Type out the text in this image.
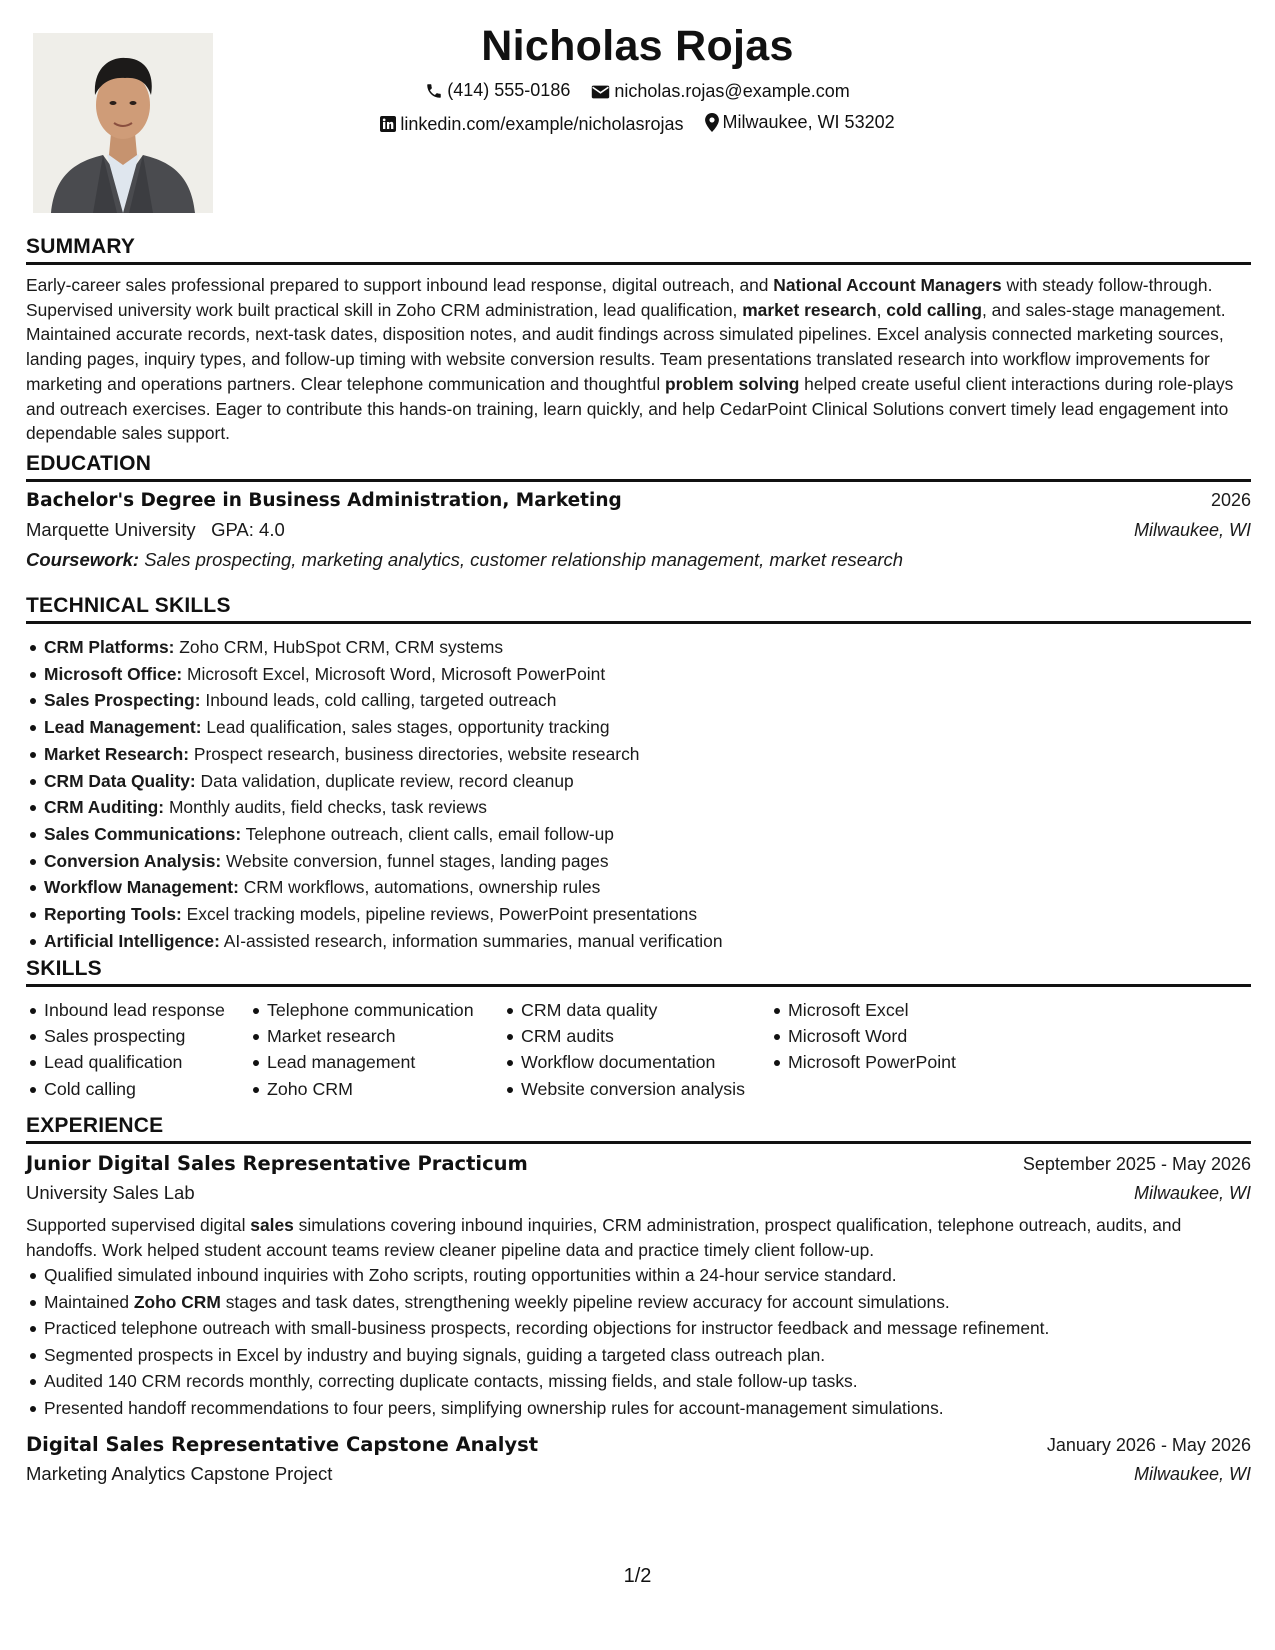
Nicholas Rojas
(414) 555-0186
nicholas.rojas@example.com
linkedin.com/example/nicholasrojas
Milwaukee, WI 53202
SUMMARY
Early-career sales professional prepared to support inbound lead response, digital outreach, and National Account Managers with steady follow-through. Supervised university work built practical skill in Zoho CRM administration, lead qualification, market research, cold calling, and sales-stage management. Maintained accurate records, next-task dates, disposition notes, and audit findings across simulated pipelines. Excel analysis connected marketing sources, landing pages, inquiry types, and follow-up timing with website conversion results. Team presentations translated research into workflow improvements for marketing and operations partners. Clear telephone communication and thoughtful problem solving helped create useful client interactions during role-plays and outreach exercises. Eager to contribute this hands-on training, learn quickly, and help CedarPoint Clinical Solutions convert timely lead engagement into dependable sales support.
EDUCATION
Bachelor's Degree in Business Administration, Marketing	2026
Marquette University GPA: 4.0	Milwaukee, WI
Coursework: Sales prospecting, marketing analytics, customer relationship management, market research
TECHNICAL SKILLS
CRM Platforms: Zoho CRM, HubSpot CRM, CRM systems
Microsoft Office: Microsoft Excel, Microsoft Word, Microsoft PowerPoint
Sales Prospecting: Inbound leads, cold calling, targeted outreach
Lead Management: Lead qualification, sales stages, opportunity tracking
Market Research: Prospect research, business directories, website research
CRM Data Quality: Data validation, duplicate review, record cleanup
CRM Auditing: Monthly audits, field checks, task reviews
Sales Communications: Telephone outreach, client calls, email follow-up
Conversion Analysis: Website conversion, funnel stages, landing pages
Workflow Management: CRM workflows, automations, ownership rules
Reporting Tools: Excel tracking models, pipeline reviews, PowerPoint presentations
Artificial Intelligence: AI-assisted research, information summaries, manual verification
SKILLS
Inbound lead response
Sales prospecting
Lead qualification
Cold calling
Telephone communication
Market research
Lead management
Zoho CRM
CRM data quality
CRM audits
Workflow documentation
Website conversion analysis
Microsoft Excel
Microsoft Word
Microsoft PowerPoint
EXPERIENCE
Junior Digital Sales Representative Practicum	September 2025 - May 2026
University Sales Lab	Milwaukee, WI
Supported supervised digital sales simulations covering inbound inquiries, CRM administration, prospect qualification, telephone outreach, audits, and handoffs. Work helped student account teams review cleaner pipeline data and practice timely client follow-up.
Qualified simulated inbound inquiries with Zoho scripts, routing opportunities within a 24-hour service standard.
Maintained Zoho CRM stages and task dates, strengthening weekly pipeline review accuracy for account simulations.
Practiced telephone outreach with small-business prospects, recording objections for instructor feedback and message refinement.
Segmented prospects in Excel by industry and buying signals, guiding a targeted class outreach plan.
Audited 140 CRM records monthly, correcting duplicate contacts, missing fields, and stale follow-up tasks.
Presented handoff recommendations to four peers, simplifying ownership rules for account-management simulations.
Digital Sales Representative Capstone Analyst	January 2026 - May 2026
Marketing Analytics Capstone Project	Milwaukee, WI
1/2
